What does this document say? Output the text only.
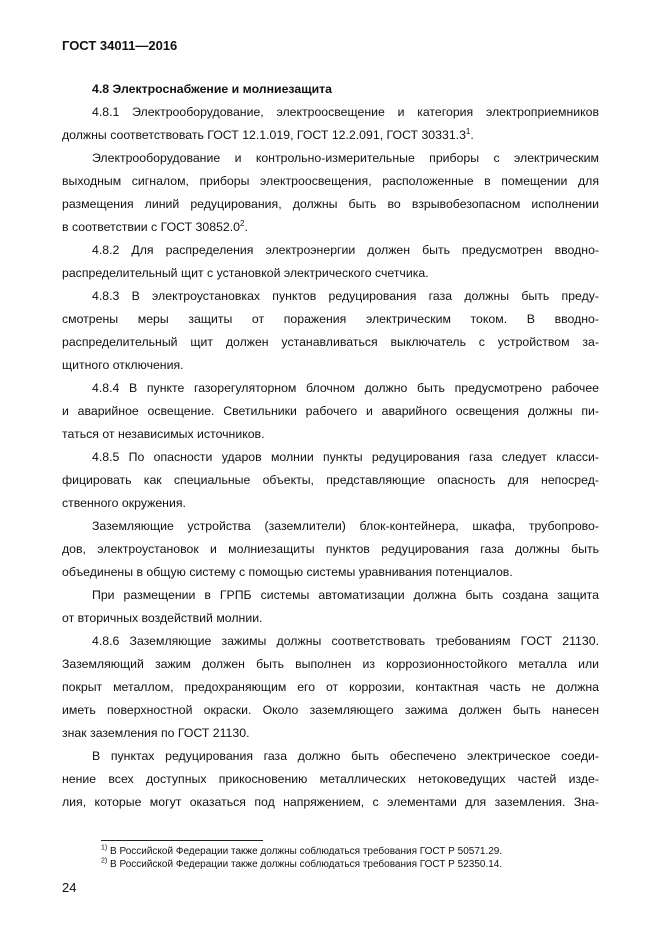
ГОСТ 34011—2016
4.8 Электроснабжение и молниезащита
4.8.1 Электрооборудование, электроосвещение и категория электроприемников
должны соответствовать ГОСТ 12.1.019, ГОСТ 12.2.091, ГОСТ 30331.3$^1$.
Электрооборудование и контрольно-измерительные приборы с электрическим
выходным сигналом, приборы электроосвещения, расположенные в помещении для
размещения линий редуцирования, должны быть во взрывобезопасном исполнении
в соответствии с ГОСТ 30852.0$^2$.
4.8.2 Для распределения электроэнергии должен быть предусмотрен вводно-
распределительный щит с установкой электрического счетчика.
4.8.3 В электроустановках пунктов редуцирования газа должны быть преду-
смотрены меры защиты от поражения электрическим током. В вводно-
распределительный щит должен устанавливаться выключатель с устройством за-
щитного отключения.
4.8.4 В пункте газорегуляторном блочном должно быть предусмотрено рабочее
и аварийное освещение. Светильники рабочего и аварийного освещения должны пи-
таться от независимых источников.
4.8.5 По опасности ударов молнии пункты редуцирования газа следует класси-
фицировать как специальные объекты, представляющие опасность для непосред-
ственного окружения.
Заземляющие устройства (заземлители) блок-контейнера, шкафа, трубопрово-
дов, электроустановок и молниезащиты пунктов редуцирования газа должны быть
объединены в общую систему с помощью системы уравнивания потенциалов.
При размещении в ГРПБ системы автоматизации должна быть создана защита
от вторичных воздействий молнии.
4.8.6 Заземляющие зажимы должны соответствовать требованиям ГОСТ 21130.
Заземляющий зажим должен быть выполнен из коррозионностойкого металла или
покрыт металлом, предохраняющим его от коррозии, контактная часть не должна
иметь поверхностной окраски. Около заземляющего зажима должен быть нанесен
знак заземления по ГОСТ 21130.
В пунктах редуцирования газа должно быть обеспечено электрическое соеди-
нение всех доступных прикосновению металлических нетоковедущих частей изде-
лия, которые могут оказаться под напряжением, с элементами для заземления. Зна-
$^{1)}$ В Российской Федерации также должны соблюдаться требования ГОСТ Р 50571.29.
$^{2)}$ В Российской Федерации также должны соблюдаться требования ГОСТ Р 52350.14.
24
